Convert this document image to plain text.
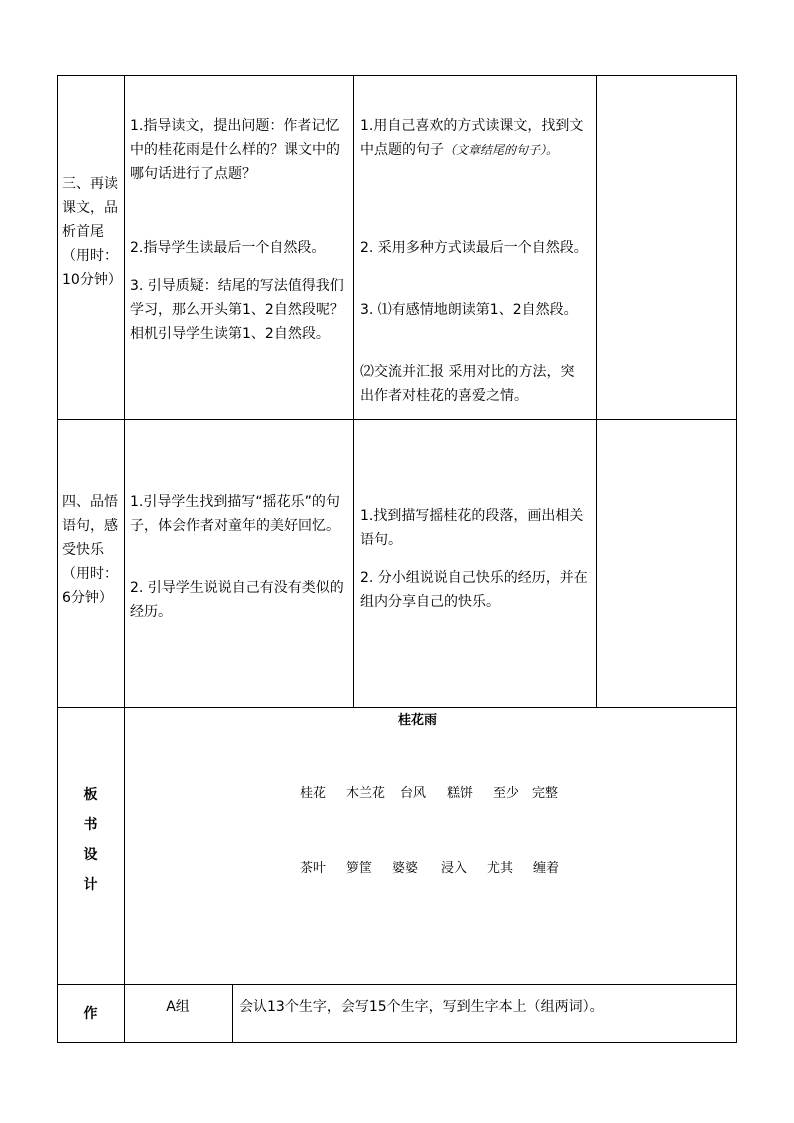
三、再读课文，品析首尾（用时：10分钟）
1.指导读文，提出问题：作者记忆中的桂花雨是什么样的？课文中的哪句话进行了点题？
2.指导学生读最后一个自然段。
3. 引导质疑：结尾的写法值得我们学习，那么开头第1、2自然段呢？相机引导学生读第1、2自然段。
1.用自己喜欢的方式读课文，找到文中点题的句子（文章结尾的句子）。
2. 采用多种方式读最后一个自然段。
3. ⑴有感情地朗读第1、2自然段。
⑵交流并汇报 采用对比的方法，突出作者对桂花的喜爱之情。
四、品悟语句，感受快乐（用时：6分钟）
1.引导学生找到描写“摇花乐”的句子，体会作者对童年的美好回忆。
2. 引导学生说说自己有没有类似的经历。
1.找到描写摇桂花的段落，画出相关语句。
2. 分小组说说自己快乐的经历，并在组内分享自己的快乐。
板
书
设
计
桂花雨
桂花 木兰花 台风 糕饼 至少 完整
茶叶 箩筐 婆婆 浸入 尤其 缠着
作	A组	会认13个生字，会写15个生字，写到生字本上（组两词）。
